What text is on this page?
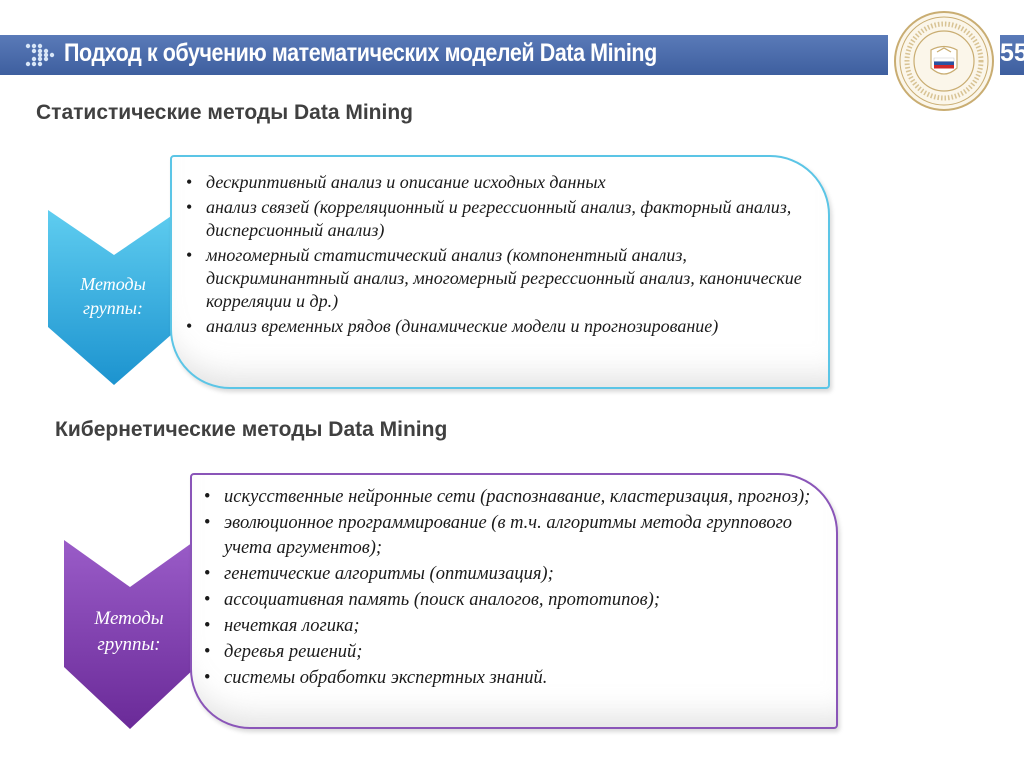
Подход к обучению математических моделей Data Mining	55
Статистические методы Data Mining
Методы
группы:
• дескриптивный анализ и описание исходных данных
• анализ связей (корреляционный и регрессионный анализ, факторный анализ, дисперсионный анализ)
• многомерный статистический анализ (компонентный анализ, дискриминантный анализ, многомерный регрессионный анализ, канонические корреляции и др.)
• анализ временных рядов (динамические модели и прогнозирование)
Кибернетические методы Data Mining
Методы
группы:
• искусственные нейронные сети (распознавание, кластеризация, прогноз);
• эволюционное программирование (в т.ч. алгоритмы метода группового учета аргументов);
• генетические алгоритмы (оптимизация);
• ассоциативная память (поиск аналогов, прототипов);
• нечеткая логика;
• деревья решений;
• системы обработки экспертных знаний.
